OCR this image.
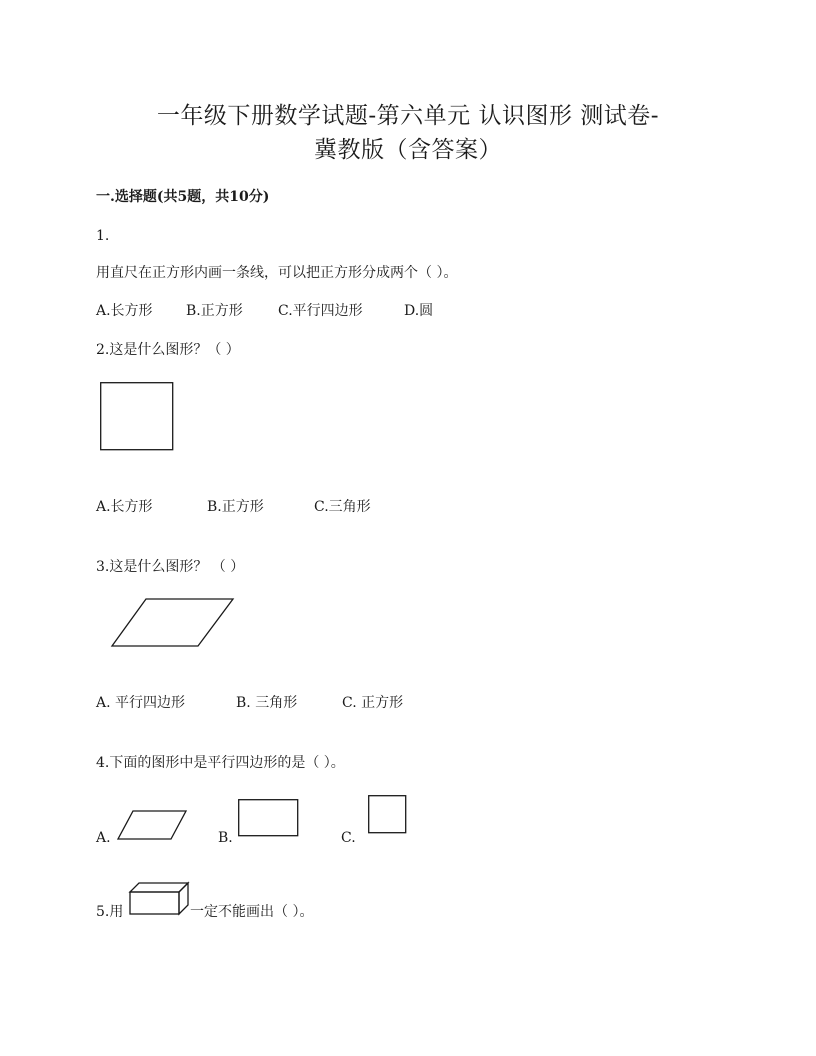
一年级下册数学试题-第六单元 认识图形 测试卷-
冀教版（含答案）
一.选择题(共5题，共10分)
1.
用直尺在正方形内画一条线，可以把正方形分成两个（ ）。
A.长方形 B.正方形	C.平行四边形	D.圆
2.这是什么图形？（ ）
A.长方形	B.正方形	C.三角形
3.这是什么图形？ （ ）
A. 平行四边形	B. 三角形	C. 正方形
4.下面的图形中是平行四边形的是（ ）。
A.	B.	C.
5.用	一定不能画出（ ）。
